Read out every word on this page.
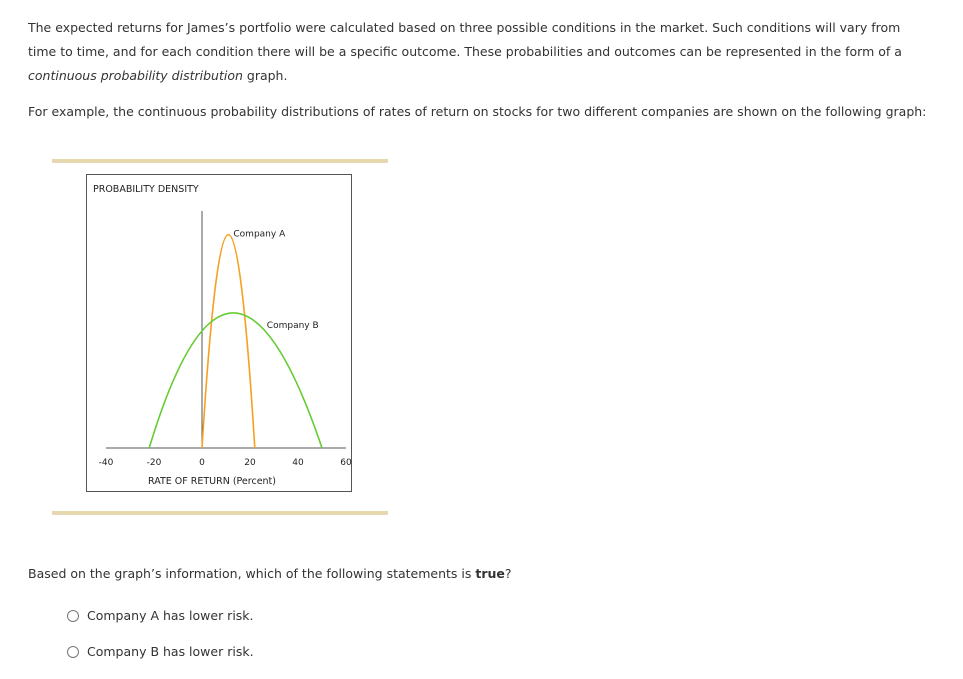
The expected returns for James’s portfolio were calculated based on three possible conditions in the market. Such conditions will vary from time to time, and for each condition there will be a specific outcome. These probabilities and outcomes can be represented in the form of a continuous probability distribution graph.

For example, the continuous probability distributions of rates of return on stocks for two different companies are shown on the following graph:

PROBABILITY DENSITY
RATE OF RETURN (Percent)
-40	-20	0	20	40	60
Company A
Company B
Based on the graph’s information, which of the following statements is true?
Company A has lower risk.
Company B has lower risk.
